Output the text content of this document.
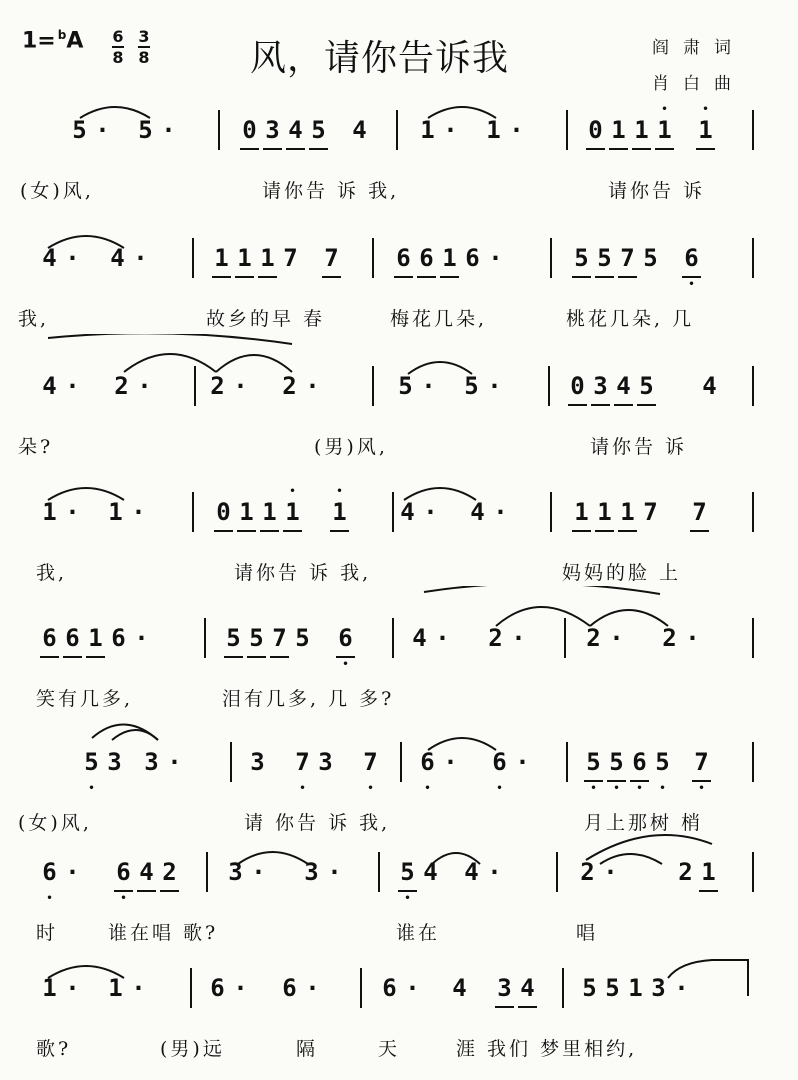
$1= ^bA \frac{6}{8} \frac{3}{8}$	风，请你告诉我	阎肃词
肖白曲
5 · 5 ·	0 3 4 5 4 1 · 1 ·	0 1 1 • 1 • 1
(女)风,	请你告 诉 我,	请你告 诉
4 · 4 ·	1 1 1 7 7 6 6 1 6 ·	5 5 7 5 6
•
我,	故乡的早 春	梅花几朵,	桃花几朵, 几
4 · 2 · 2 · 2 ·	5 · 5 ·	0 3 4 5 4
朵?	(男)风,	请你告 诉
1 · 1 ·	0 1 1 • 1 • 1 4 · 4 ·	1 1 1 7 7
我,	请你告 诉 我,	妈妈的脸 上
6 6 1 6 ·	5 5 7 5 6
•
4 · 2 ·	2 · 2 ·
笑有几多,	泪有几多, 几 多?
5
•
3 3 ·	3 7
•
3 7
•
6
•
· 6
•
· 5
•
5
•
6
•
5
•
7
•
(女)风,	请 你告 诉 我,	月上那树 梢
6
•
· 6
•
4 2 3 · 3 · 5
•
4 4 ·	2 ·	2 1
时	谁在唱 歌?	谁在	唱
1 · 1 ·	6 · 6 ·	6 · 4 3 4 5 5 1 3 ·
歌?	(男)远	隔	天	涯 我们 梦里相约,
